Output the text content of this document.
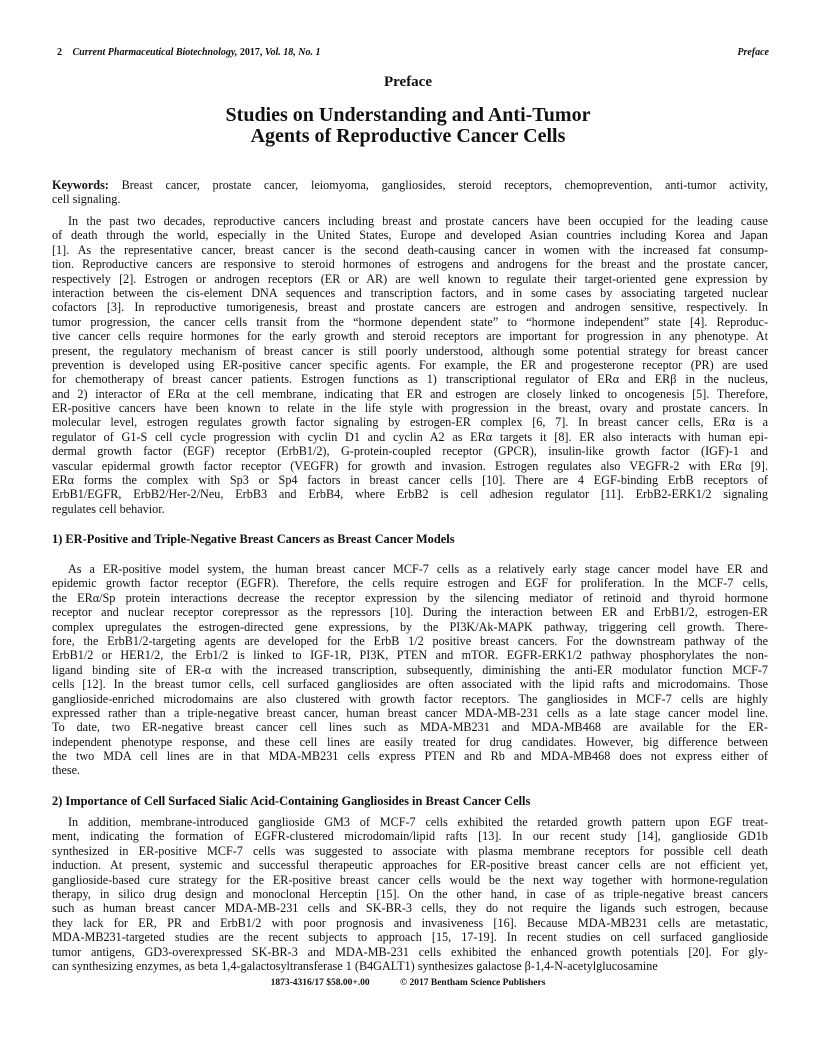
2 Current Pharmaceutical Biotechnology, 2017, Vol. 18, No. 1	Preface
Preface
Studies on Understanding and Anti-Tumor
Agents of Reproductive Cancer Cells
Keywords: Breast cancer, prostate cancer, leiomyoma, gangliosides, steroid receptors, chemoprevention, anti-tumor activity,
cell signaling.
In the past two decades, reproductive cancers including breast and prostate cancers have been occupied for the leading cause
of death through the world, especially in the United States, Europe and developed Asian countries including Korea and Japan
[1]. As the representative cancer, breast cancer is the second death-causing cancer in women with the increased fat consump-
tion. Reproductive cancers are responsive to steroid hormones of estrogens and androgens for the breast and the prostate cancer,
respectively [2]. Estrogen or androgen receptors (ER or AR) are well known to regulate their target-oriented gene expression by
interaction between the cis-element DNA sequences and transcription factors, and in some cases by associating targeted nuclear
cofactors [3]. In reproductive tumorigenesis, breast and prostate cancers are estrogen and androgen sensitive, respectively. In
tumor progression, the cancer cells transit from the “hormone dependent state” to “hormone independent” state [4]. Reproduc-
tive cancer cells require hormones for the early growth and steroid receptors are important for progression in any phenotype. At
present, the regulatory mechanism of breast cancer is still poorly understood, although some potential strategy for breast cancer
prevention is developed using ER-positive cancer specific agents. For example, the ER and progesterone receptor (PR) are used
for chemotherapy of breast cancer patients. Estrogen functions as 1) transcriptional regulator of ERα and ERβ in the nucleus,
and 2) interactor of ERα at the cell membrane, indicating that ER and estrogen are closely linked to oncogenesis [5]. Therefore,
ER-positive cancers have been known to relate in the life style with progression in the breast, ovary and prostate cancers. In
molecular level, estrogen regulates growth factor signaling by estrogen-ER complex [6, 7]. In breast cancer cells, ERα is a
regulator of G1-S cell cycle progression with cyclin D1 and cyclin A2 as ERα targets it [8]. ER also interacts with human epi-
dermal growth factor (EGF) receptor (ErbB1/2), G-protein-coupled receptor (GPCR), insulin-like growth factor (IGF)-1 and
vascular epidermal growth factor receptor (VEGFR) for growth and invasion. Estrogen regulates also VEGFR-2 with ERα [9].
ERα forms the complex with Sp3 or Sp4 factors in breast cancer cells [10]. There are 4 EGF-binding ErbB receptors of
ErbB1/EGFR, ErbB2/Her-2/Neu, ErbB3 and ErbB4, where ErbB2 is cell adhesion regulator [11]. ErbB2-ERK1/2 signaling
regulates cell behavior.
1) ER-Positive and Triple-Negative Breast Cancers as Breast Cancer Models
As a ER-positive model system, the human breast cancer MCF-7 cells as a relatively early stage cancer model have ER and
epidemic growth factor receptor (EGFR). Therefore, the cells require estrogen and EGF for proliferation. In the MCF-7 cells,
the ERα/Sp protein interactions decrease the receptor expression by the silencing mediator of retinoid and thyroid hormone
receptor and nuclear receptor corepressor as the repressors [10]. During the interaction between ER and ErbB1/2, estrogen-ER
complex upregulates the estrogen-directed gene expressions, by the PI3K/Ak-MAPK pathway, triggering cell growth. There-
fore, the ErbB1/2-targeting agents are developed for the ErbB 1/2 positive breast cancers. For the downstream pathway of the
ErbB1/2 or HER1/2, the Erb1/2 is linked to IGF-1R, PI3K, PTEN and mTOR. EGFR-ERK1/2 pathway phosphorylates the non-
ligand binding site of ER-α with the increased transcription, subsequently, diminishing the anti-ER modulator function MCF-7
cells [12]. In the breast tumor cells, cell surfaced gangliosides are often associated with the lipid rafts and microdomains. Those
ganglioside-enriched microdomains are also clustered with growth factor receptors. The gangliosides in MCF-7 cells are highly
expressed rather than a triple-negative breast cancer, human breast cancer MDA-MB-231 cells as a late stage cancer model line.
To date, two ER-negative breast cancer cell lines such as MDA-MB231 and MDA-MB468 are available for the ER-
independent phenotype response, and these cell lines are easily treated for drug candidates. However, big difference between
the two MDA cell lines are in that MDA-MB231 cells express PTEN and Rb and MDA-MB468 does not express either of
these.
2) Importance of Cell Surfaced Sialic Acid-Containing Gangliosides in Breast Cancer Cells
In addition, membrane-introduced ganglioside GM3 of MCF-7 cells exhibited the retarded growth pattern upon EGF treat-
ment, indicating the formation of EGFR-clustered microdomain/lipid rafts [13]. In our recent study [14], ganglioside GD1b
synthesized in ER-positive MCF-7 cells was suggested to associate with plasma membrane receptors for possible cell death
induction. At present, systemic and successful therapeutic approaches for ER-positive breast cancer cells are not efficient yet,
ganglioside-based cure strategy for the ER-positive breast cancer cells would be the next way together with hormone-regulation
therapy, in silico drug design and monoclonal Herceptin [15]. On the other hand, in case of as triple-negative breast cancers
such as human breast cancer MDA-MB-231 cells and SK-BR-3 cells, they do not require the ligands such estrogen, because
they lack for ER, PR and ErbB1/2 with poor prognosis and invasiveness [16]. Because MDA-MB231 cells are metastatic,
MDA-MB231-targeted studies are the recent subjects to approach [15, 17-19]. In recent studies on cell surfaced ganglioside
tumor antigens, GD3-overexpressed SK-BR-3 and MDA-MB-231 cells exhibited the enhanced growth potentials [20]. For gly-
can synthesizing enzymes, as beta 1,4-galactosyltransferase 1 (B4GALT1) synthesizes galactose β-1,4-N-acetylglucosamine
1873-4316/17 $58.00+.00	© 2017 Bentham Science Publishers
